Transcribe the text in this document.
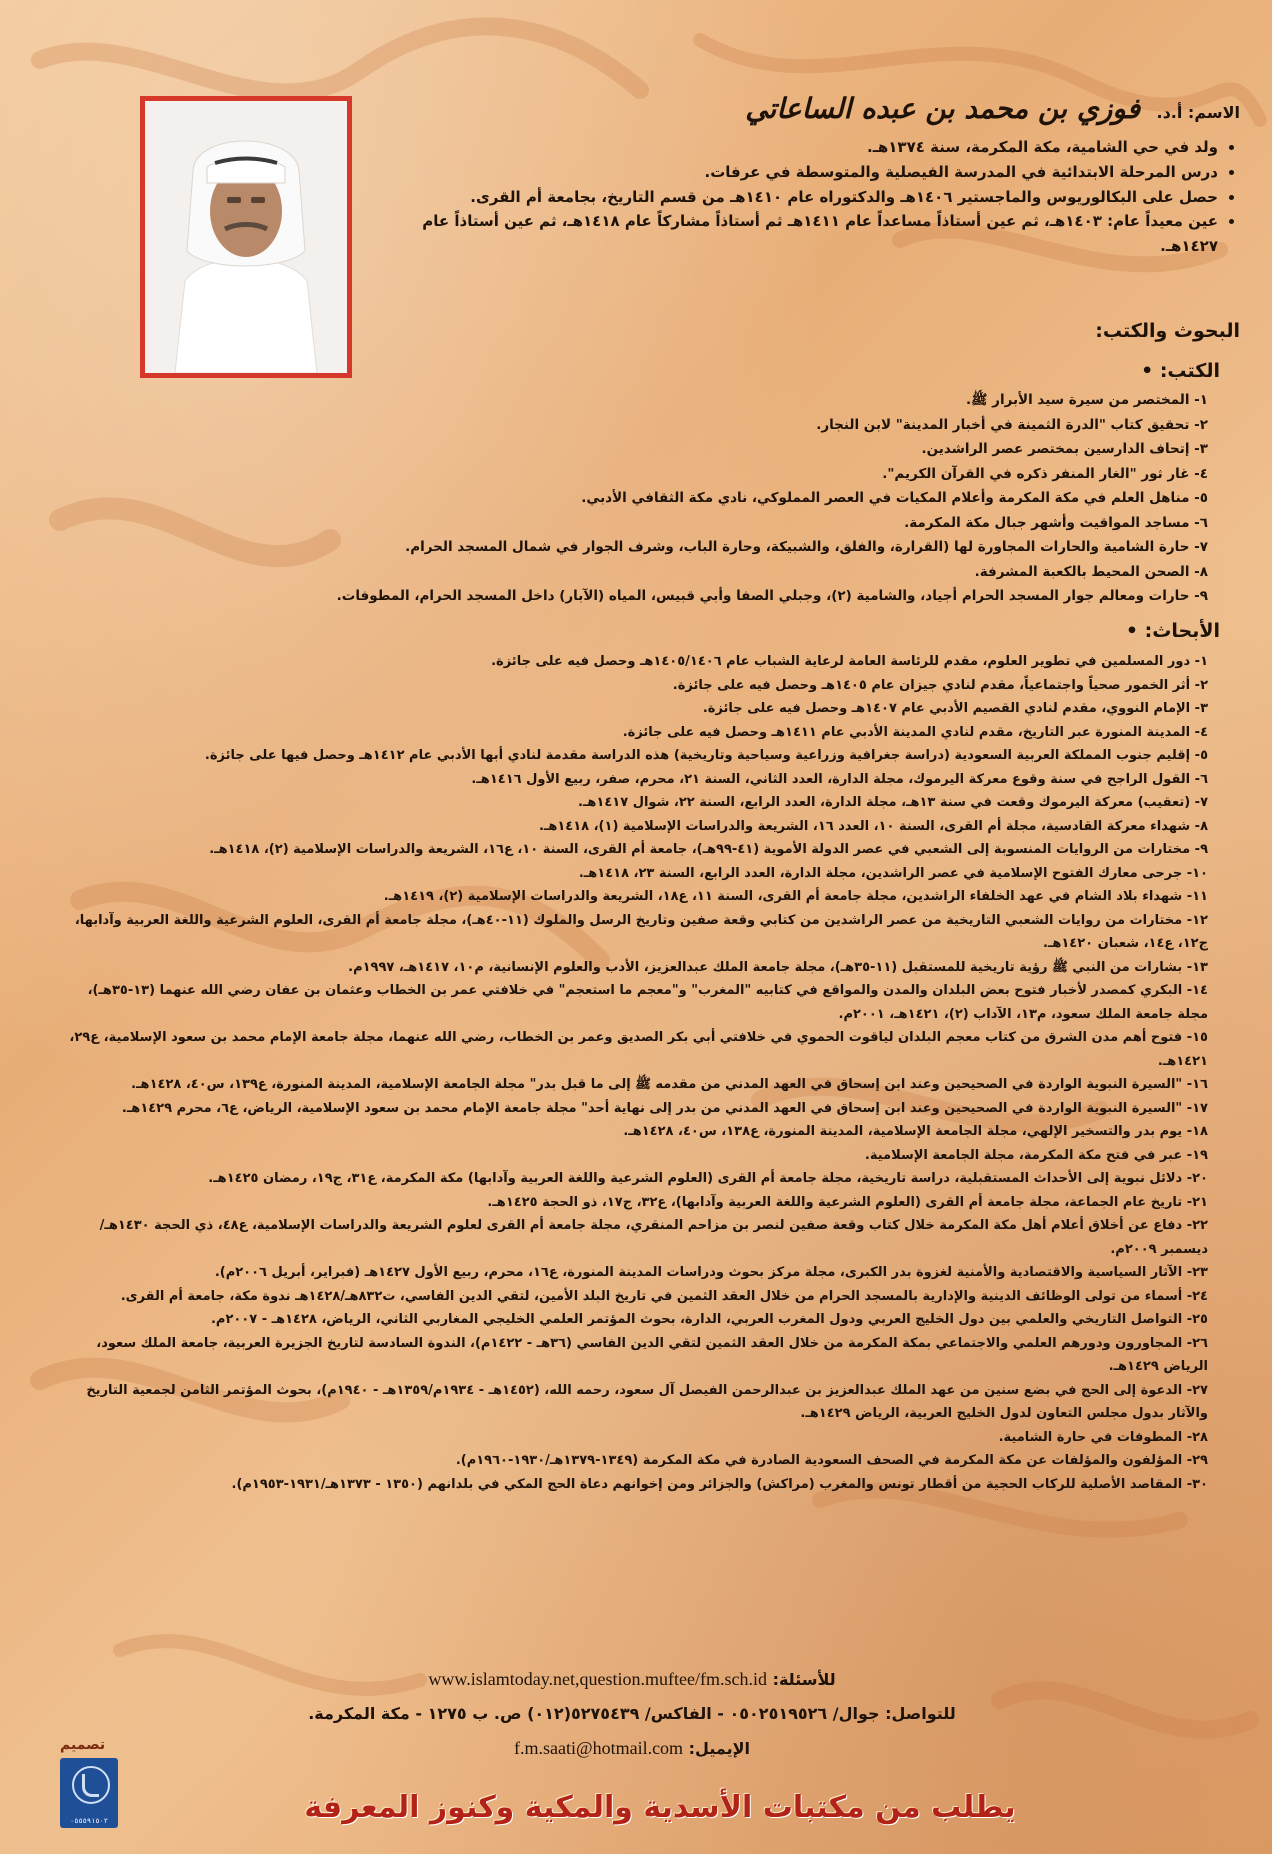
الاسم: أ.د. فوزي بن محمد بن عبده الساعاتي
• ولد في حي الشامية، مكة المكرمة، سنة ١٣٧٤هـ.
• درس المرحلة الابتدائية في المدرسة الفيصلية والمتوسطة في عرفات.
• حصل على البكالوريوس والماجستير ١٤٠٦هـ والدكتوراه عام ١٤١٠هـ من قسم التاريخ، بجامعة أم القرى.
• عين معيداً عام: ١٤٠٣هـ، ثم عين أستاذاً مساعداً عام ١٤١١هـ ثم أستاذاً مشاركاً عام ١٤١٨هـ، ثم عين أستاذاً عام ١٤٢٧هـ.
البحوث والكتب:
الكتب: •
١- المختصر من سيرة سيد الأبرار ﷺ.
٢- تحقيق كتاب "الدرة الثمينة في أخبار المدينة" لابن النجار.
٣- إتحاف الدارسين بمختصر عصر الراشدين.
٤- غار ثور "الغار المنفر ذكره في القرآن الكريم".
٥- مناهل العلم في مكة المكرمة وأعلام المكيات في العصر المملوكي، نادي مكة الثقافي الأدبي.
٦- مساجد المواقيت وأشهر جبال مكة المكرمة.
٧- حارة الشامية والحارات المجاورة لها (القرارة، والفلق، والشبيكة، وحارة الباب، وشرف الجوار في شمال المسجد الحرام.
٨- الصحن المحيط بالكعبة المشرفة.
٩- حارات ومعالم جوار المسجد الحرام أجياد، والشامية (٢)، وجبلي الصفا وأبي قبيس، المياه (الآبار) داخل المسجد الحرام، المطوفات.
الأبحاث: •
١- دور المسلمين في تطوير العلوم، مقدم للرئاسة العامة لرعاية الشباب عام ١٤٠٥/١٤٠٦هـ وحصل فيه على جائزة.
٢- أثر الخمور صحياً واجتماعياً، مقدم لنادي جيزان عام ١٤٠٥هـ وحصل فيه على جائزة.
٣- الإمام النووي، مقدم لنادي القصيم الأدبي عام ١٤٠٧هـ وحصل فيه على جائزة.
٤- المدينة المنورة عبر التاريخ، مقدم لنادي المدينة الأدبي عام ١٤١١هـ وحصل فيه على جائزة.
٥- إقليم جنوب المملكة العربية السعودية (دراسة جغرافية وزراعية وسياحية وتاريخية) هذه الدراسة مقدمة لنادي أبها الأدبي عام ١٤١٢هـ وحصل فيها على جائزة.
٦- القول الراجح في سنة وقوع معركة اليرموك، مجلة الدارة، العدد الثاني، السنة ٢١، محرم، صفر، ربيع الأول ١٤١٦هـ.
٧- (تعقيب) معركة اليرموك وقعت في سنة ١٣هـ، مجلة الدارة، العدد الرابع، السنة ٢٢، شوال ١٤١٧هـ.
٨- شهداء معركة القادسية، مجلة أم القرى، السنة ١٠، العدد ١٦، الشريعة والدراسات الإسلامية (١)، ١٤١٨هـ.
٩- مختارات من الروايات المنسوبة إلى الشعبي في عصر الدولة الأموية (٤١-٩٩هـ)، جامعة أم القرى، السنة ١٠، ع١٦، الشريعة والدراسات الإسلامية (٢)، ١٤١٨هـ.
١٠- جرحى معارك الفتوح الإسلامية في عصر الراشدين، مجلة الدارة، العدد الرابع، السنة ٢٣، ١٤١٨هـ.
١١- شهداء بلاد الشام في عهد الخلفاء الراشدين، مجلة جامعة أم القرى، السنة ١١، ع١٨، الشريعة والدراسات الإسلامية (٢)، ١٤١٩هـ.
١٢- مختارات من روايات الشعبي التاريخية من عصر الراشدين من كتابي وقعة صفين وتاريخ الرسل والملوك (١١-٤٠هـ)، مجلة جامعة أم القرى، العلوم الشرعية واللغة العربية وآدابها، ج١٢، ع١٤، شعبان ١٤٢٠هـ.
١٣- بشارات من النبي ﷺ رؤية تاريخية للمستقبل (١١-٣٥هـ)، مجلة جامعة الملك عبدالعزيز، الأدب والعلوم الإنسانية، م١٠، ١٤١٧هـ، ١٩٩٧م.
١٤- البكري كمصدر لأخبار فتوح بعض البلدان والمدن والمواقع في كتابيه "المغرب" و"معجم ما استعجم" في خلافتي عمر بن الخطاب وعثمان بن عفان رضي الله عنهما (١٣-٣٥هـ)، مجلة جامعة الملك سعود، م١٣، الآداب (٢)، ١٤٢١هـ، ٢٠٠١م.
١٥- فتوح أهم مدن الشرق من كتاب معجم البلدان لياقوت الحموي في خلافتي أبي بكر الصديق وعمر بن الخطاب، رضي الله عنهما، مجلة جامعة الإمام محمد بن سعود الإسلامية، ع٢٩، ١٤٢١هـ.
١٦- "السيرة النبوية الواردة في الصحيحين وعند ابن إسحاق في العهد المدني من مقدمه ﷺ إلى ما قبل بدر" مجلة الجامعة الإسلامية، المدينة المنورة، ع١٣٩، س٤٠، ١٤٢٨هـ.
١٧- "السيرة النبوية الواردة في الصحيحين وعند ابن إسحاق في العهد المدني من بدر إلى نهاية أحد" مجلة جامعة الإمام محمد بن سعود الإسلامية، الرياض، ع٦، محرم ١٤٢٩هـ.
١٨- يوم بدر والتسخير الإلهي، مجلة الجامعة الإسلامية، المدينة المنورة، ع١٣٨، س٤٠، ١٤٢٨هـ.
١٩- عبر في فتح مكة المكرمة، مجلة الجامعة الإسلامية.
٢٠- دلائل نبوية إلى الأحداث المستقبلية، دراسة تاريخية، مجلة جامعة أم القرى (العلوم الشرعية واللغة العربية وآدابها) مكة المكرمة، ع٣١، ج١٩، رمضان ١٤٢٥هـ.
٢١- تاريخ عام الجماعة، مجلة جامعة أم القرى (العلوم الشرعية واللغة العربية وآدابها)، ع٣٢، ج١٧، ذو الحجة ١٤٢٥هـ.
٢٢- دفاع عن أخلاق أعلام أهل مكة المكرمة خلال كتاب وقعة صفين لنصر بن مزاحم المنقري، مجلة جامعة أم القرى لعلوم الشريعة والدراسات الإسلامية، ع٤٨، ذي الحجة ١٤٣٠هـ/ديسمبر ٢٠٠٩م.
٢٣- الآثار السياسية والاقتصادية والأمنية لغزوة بدر الكبرى، مجلة مركز بحوث ودراسات المدينة المنورة، ع١٦، محرم، ربيع الأول ١٤٢٧هـ (فبراير، أبريل ٢٠٠٦م).
٢٤- أسماء من تولى الوظائف الدينية والإدارية بالمسجد الحرام من خلال العقد الثمين في تاريخ البلد الأمين، لتقي الدين الفاسي، ت٨٣٢هـ/١٤٢٨هـ ندوة مكة، جامعة أم القرى.
٢٥- التواصل التاريخي والعلمي بين دول الخليج العربي ودول المغرب العربي، الدارة، بحوث المؤتمر العلمي الخليجي المغاربي الثاني، الرياض، ١٤٢٨هـ - ٢٠٠٧م.
٢٦- المجاورون ودورهم العلمي والاجتماعي بمكة المكرمة من خلال العقد الثمين لتقي الدين الفاسي (٣٦هـ - ١٤٢٢م)، الندوة السادسة لتاريخ الجزيرة العربية، جامعة الملك سعود، الرياض ١٤٢٩هـ.
٢٧- الدعوة إلى الحج في بضع سنين من عهد الملك عبدالعزيز بن عبدالرحمن الفيصل آل سعود، رحمه الله، (١٤٥٢هـ - ١٩٣٤م/١٣٥٩هـ - ١٩٤٠م)، بحوث المؤتمر الثامن لجمعية التاريخ والآثار بدول مجلس التعاون لدول الخليج العربية، الرياض ١٤٢٩هـ.
٢٨- المطوفات في حارة الشامية.
٢٩- المؤلفون والمؤلفات عن مكة المكرمة في الصحف السعودية الصادرة في مكة المكرمة (١٣٤٩-١٣٧٩هـ/١٩٣٠-١٩٦٠م).
٣٠- المقاصد الأصلية للركاب الحجية من أقطار تونس والمغرب (مراكش) والجزائر ومن إخوانهم دعاة الحج المكي في بلدانهم (١٣٥٠ - ١٣٧٣هـ/١٩٣١-١٩٥٣م).
للأسئلة: www.islamtoday.net,question.muftee/fm.sch.id
للتواصل: جوال/ ٠٥٠٢٥١٩٥٢٦ - الفاكس/ ٥٢٧٥٤٣٩(٠١٢) ص. ب ١٢٧٥ - مكة المكرمة.
الإيميل: f.m.saati@hotmail.com
تصميم
٠٥٥٥٩١٥٠٢	يطلب من مكتبات الأسدية والمكية وكنوز المعرفة
